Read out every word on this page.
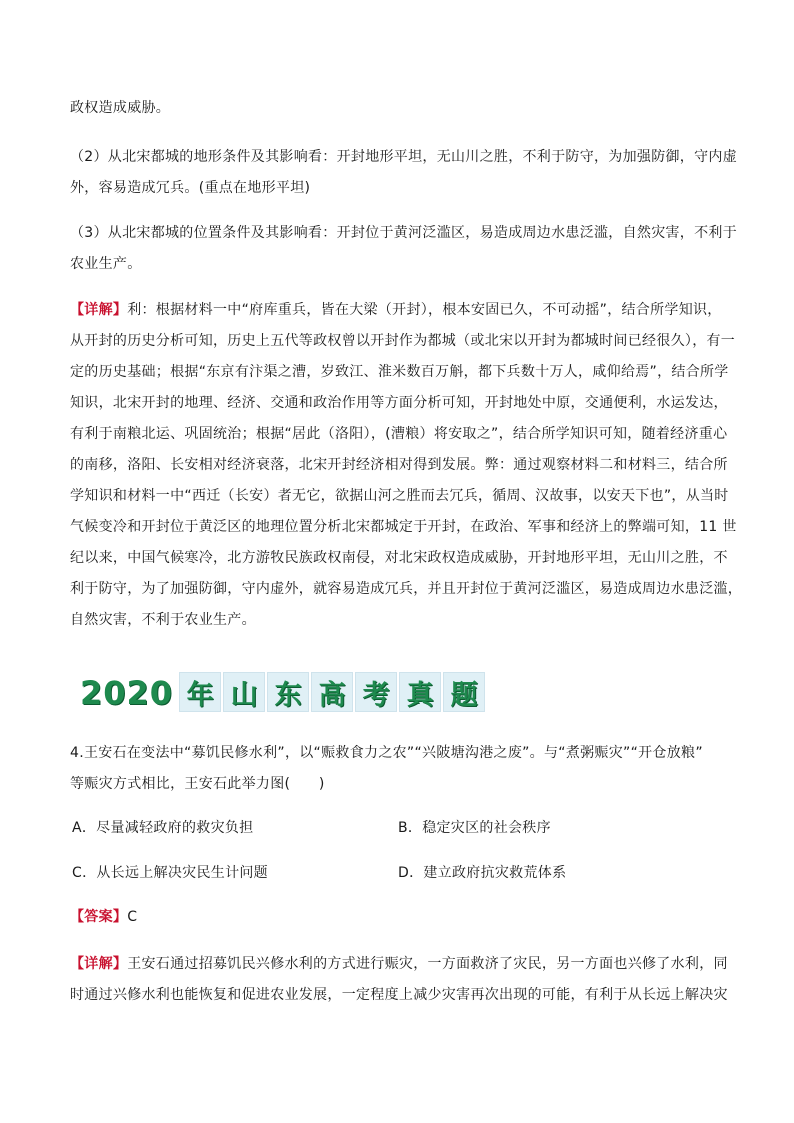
政权造成威胁。

（2）从北宋都城的地形条件及其影响看：开封地形平坦，无山川之胜，不利于防守，为加强防御，守内虚
外，容易造成冗兵。(重点在地形平坦)

（3）从北宋都城的位置条件及其影响看：开封位于黄河泛滥区，易造成周边水患泛滥，自然灾害，不利于
农业生产。

【详解】利：根据材料一中“府库重兵，皆在大梁（开封），根本安固已久，不可动摇”，结合所学知识，
从开封的历史分析可知，历史上五代等政权曾以开封作为都城（或北宋以开封为都城时间已经很久），有一
定的历史基础；根据“东京有汴渠之漕，岁致江、淮米数百万斛，都下兵数十万人，咸仰给焉”，结合所学
知识，北宋开封的地理、经济、交通和政治作用等方面分析可知，开封地处中原，交通便利，水运发达，
有利于南粮北运、巩固统治；根据“居此（洛阳），(漕粮）将安取之”，结合所学知识可知，随着经济重心
的南移，洛阳、长安相对经济衰落，北宋开封经济相对得到发展。弊：通过观察材料二和材料三，结合所
学知识和材料一中“西迁（长安）者无它，欲据山河之胜而去冗兵，循周、汉故事，以安天下也”，从当时
气候变冷和开封位于黄泛区的地理位置分析北宋都城定于开封，在政治、军事和经济上的弊端可知，11 世
纪以来，中国气候寒冷，北方游牧民族政权南侵，对北宋政权造成威胁，开封地形平坦，无山川之胜，不
利于防守，为了加强防御，守内虚外，就容易造成冗兵，并且开封位于黄河泛滥区，易造成周边水患泛滥，
自然灾害，不利于农业生产。

2020 年 山 东 高 考 真 题

4.王安石在变法中“募饥民修水利”，以“赈救食力之农”“兴陂塘沟港之废”。与“煮粥赈灾”“开仓放粮”
等赈灾方式相比，王安石此举力图(　　)

A．尽量减轻政府的救灾负担	B．稳定灾区的社会秩序
C．从长远上解决灾民生计问题	D．建立政府抗灾救荒体系

【答案】C

【详解】王安石通过招募饥民兴修水利的方式进行赈灾，一方面救济了灾民，另一方面也兴修了水利，同
时通过兴修水利也能恢复和促进农业发展，一定程度上减少灾害再次出现的可能，有利于从长远上解决灾
